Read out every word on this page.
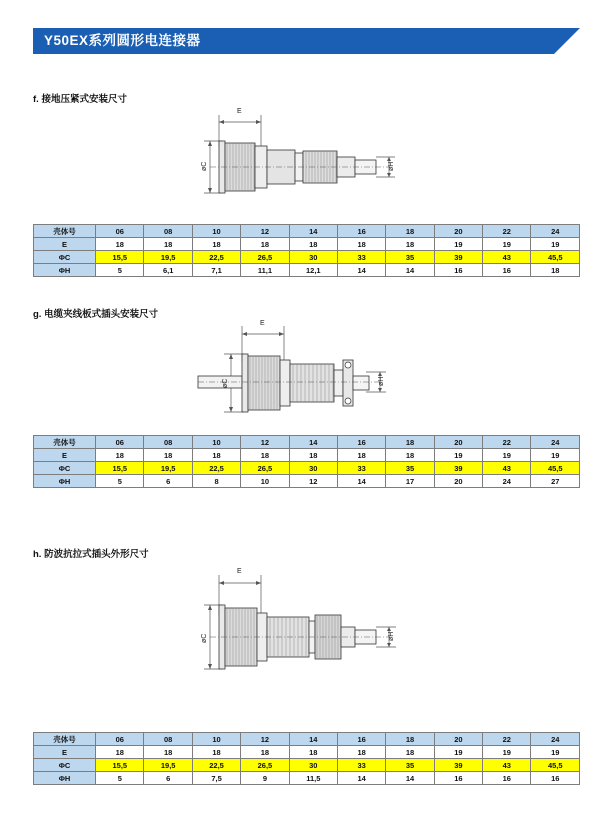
Y50EX系列圆形电连接器
f. 接地压紧式安装尺寸
E
øC	øH
壳体号	06	08	10	12	14	16	18	20	22	24
E	18	18	18	18	18	18	18	19	19	19
ΦC	15,5	19,5	22,5	26,5	30	33	35	39	43	45,5
ΦH	5	6,1	7,1	11,1	12,1	14	14	16	16	18
g. 电缆夹线板式插头安装尺寸
E
øC	øH
壳体号	06	08	10	12	14	16	18	20	22	24
E	18	18	18	18	18	18	18	19	19	19
ΦC	15,5	19,5	22,5	26,5	30	33	35	39	43	45,5
ΦH	5	6	8	10	12	14	17	20	24	27
h. 防波抗拉式插头外形尺寸
E
øC	øH
壳体号	06	08	10	12	14	16	18	20	22	24
E	18	18	18	18	18	18	18	19	19	19
ΦC	15,5	19,5	22,5	26,5	30	33	35	39	43	45,5
ΦH	5	6	7,5	9	11,5	14	14	16	16	16
